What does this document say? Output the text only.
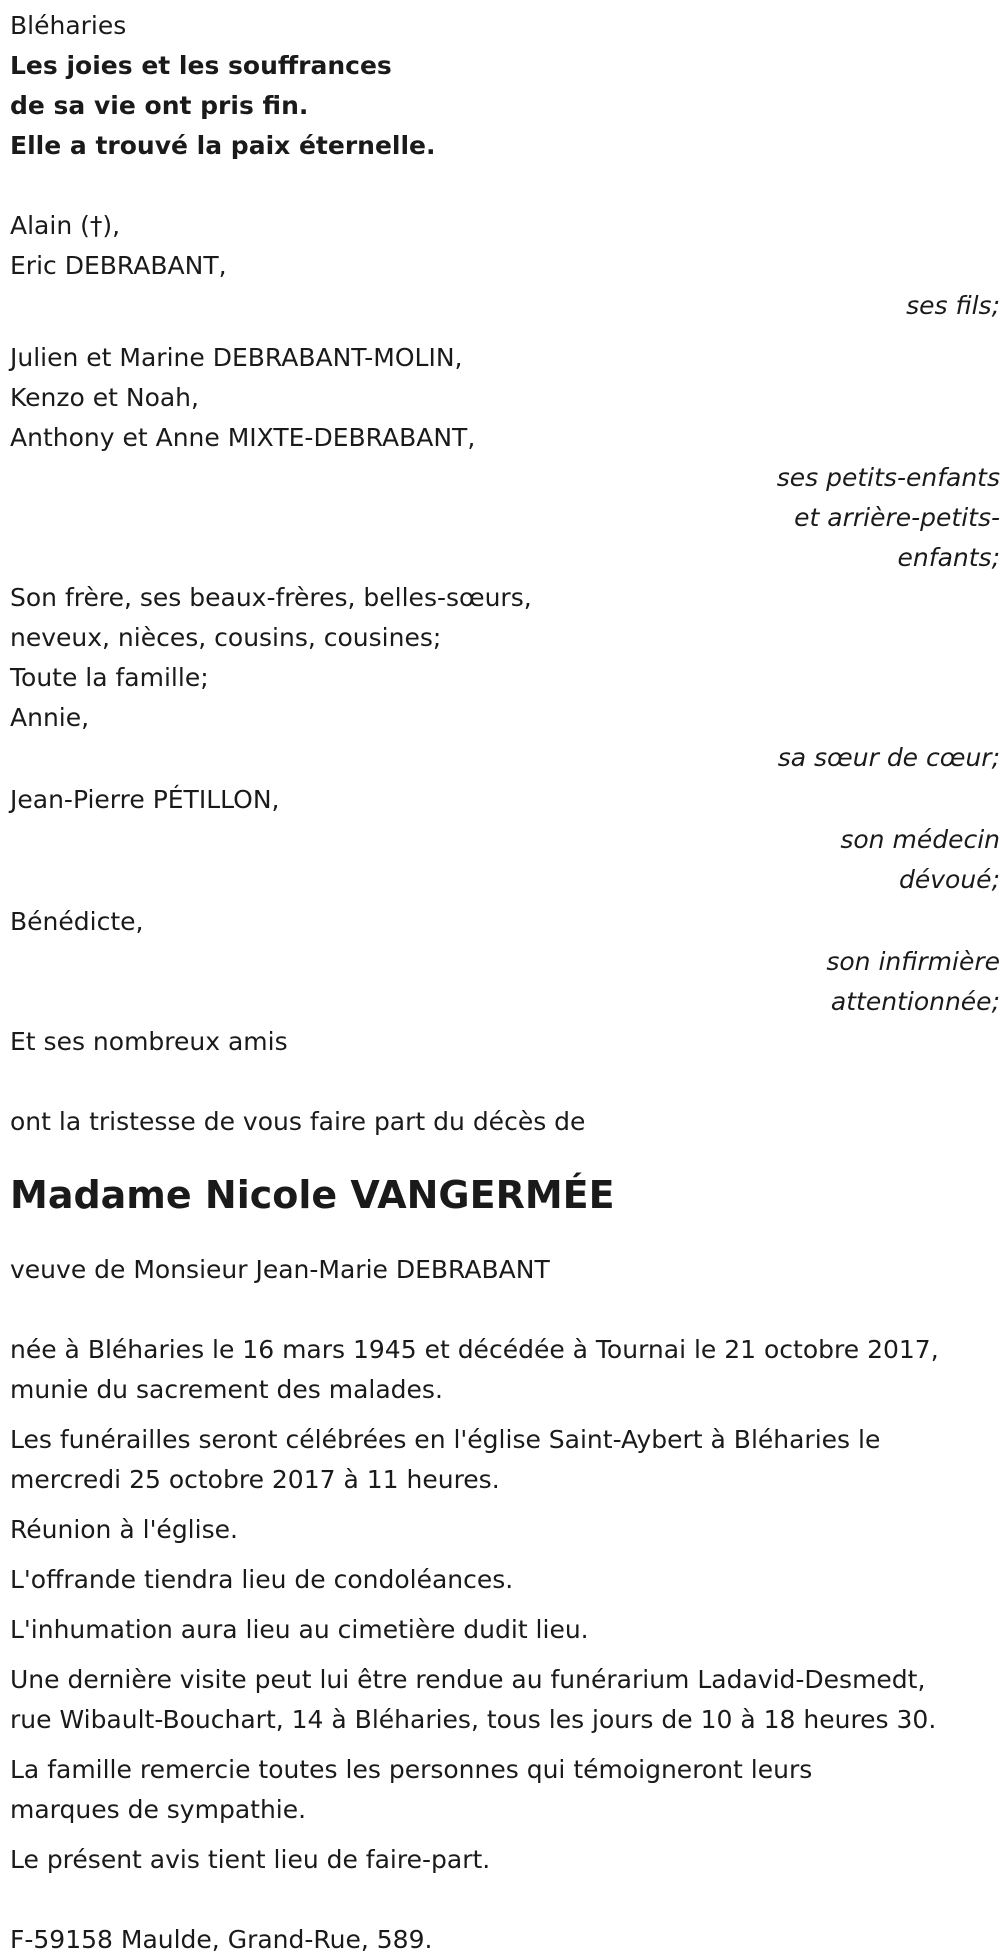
Bléharies

Les joies et les souffrances

de sa vie ont pris fin.

Elle a trouvé la paix éternelle.

Alain (†),

Eric DEBRABANT,

ses fils;

Julien et Marine DEBRABANT-MOLIN,

Kenzo et Noah,

Anthony et Anne MIXTE-DEBRABANT,

ses petits-enfants

et arrière-petits-

enfants;

Son frère, ses beaux-frères, belles-sœurs,

neveux, nièces, cousins, cousines;

Toute la famille;

Annie,

sa sœur de cœur;

Jean-Pierre PÉTILLON,

son médecin

dévoué;

Bénédicte,

son infirmière

attentionnée;

Et ses nombreux amis

ont la tristesse de vous faire part du décès de

Madame Nicole VANGERMÉE

veuve de Monsieur Jean-Marie DEBRABANT

née à Bléharies le 16 mars 1945 et décédée à Tournai le 21 octobre 2017,

munie du sacrement des malades.

Les funérailles seront célébrées en l'église Saint-Aybert à Bléharies le

mercredi 25 octobre 2017 à 11 heures.

Réunion à l'église.

L'offrande tiendra lieu de condoléances.

L'inhumation aura lieu au cimetière dudit lieu.

Une dernière visite peut lui être rendue au funérarium Ladavid-Desmedt,

rue Wibault-Bouchart, 14 à Bléharies, tous les jours de 10 à 18 heures 30.

La famille remercie toutes les personnes qui témoigneront leurs

marques de sympathie.

Le présent avis tient lieu de faire-part.

F-59158 Maulde, Grand-Rue, 589.
